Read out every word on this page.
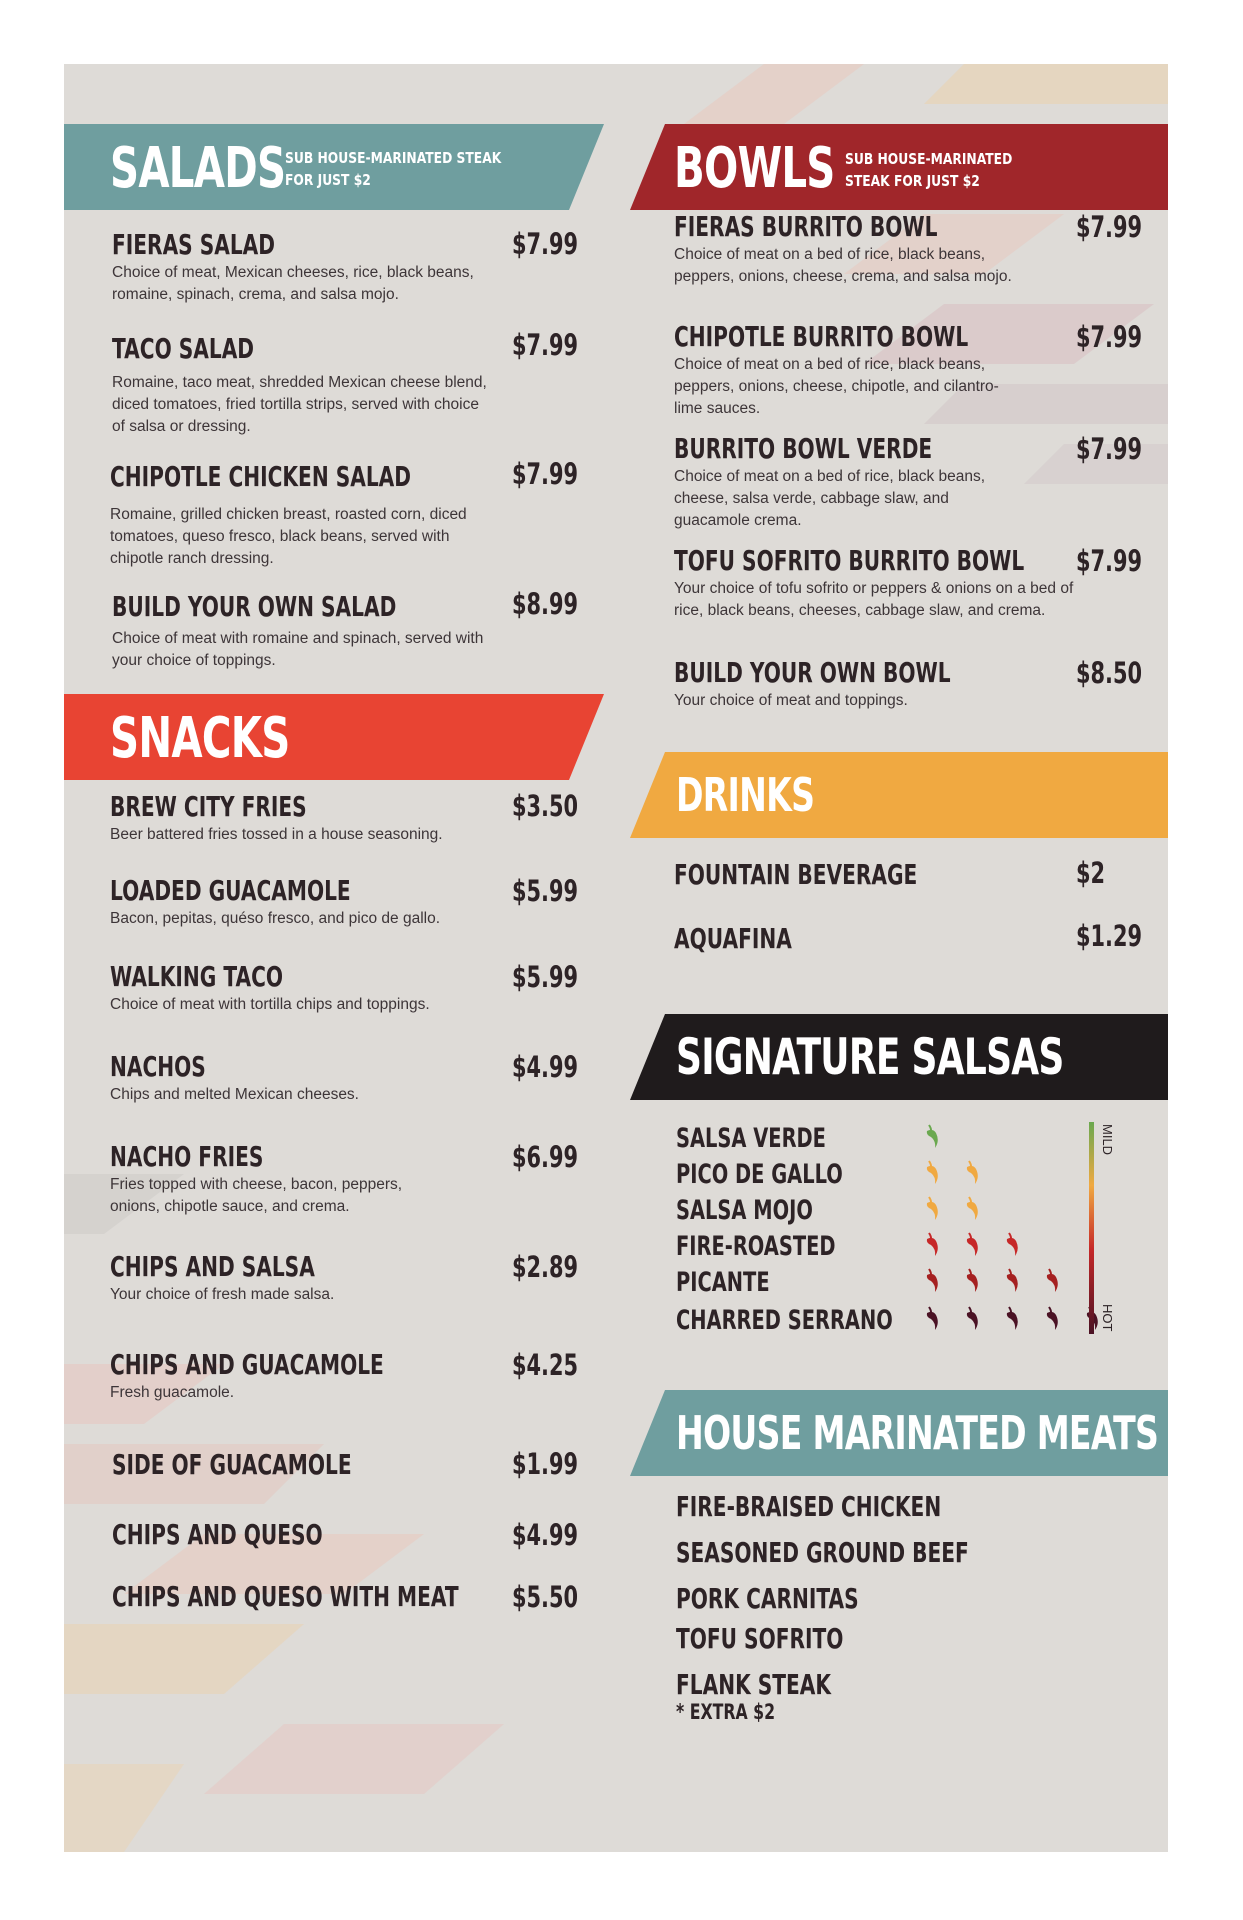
SALADS SUB HOUSE-MARINATED STEAK
FOR JUST $2
FIERAS SALAD
Choice of meat, Mexican cheeses, rice, black beans, romaine, spinach, crema, and salsa mojo.
$7.99
TACO SALAD
Romaine, taco meat, shredded Mexican cheese blend, diced tomatoes, fried tortilla strips, served with choice of salsa or dressing.
$7.99
CHIPOTLE CHICKEN SALAD
Romaine, grilled chicken breast, roasted corn, diced tomatoes, queso fresco, black beans, served with chipotle ranch dressing.
$7.99
BUILD YOUR OWN SALAD
Choice of meat with romaine and spinach, served with your choice of toppings.
$8.99
SNACKS
BREW CITY FRIES
Beer battered fries tossed in a house seasoning.
$3.50
LOADED GUACAMOLE
Bacon, pepitas, quéso fresco, and pico de gallo.
$5.99
WALKING TACO
Choice of meat with tortilla chips and toppings.
$5.99
NACHOS
Chips and melted Mexican cheeses.
$4.99
NACHO FRIES
Fries topped with cheese, bacon, peppers, onions, chipotle sauce, and crema.
$6.99
CHIPS AND SALSA
Your choice of fresh made salsa.
$2.89
CHIPS AND GUACAMOLE
Fresh guacamole.
$4.25
SIDE OF GUACAMOLE	$1.99
CHIPS AND QUESO	$4.99
CHIPS AND QUESO WITH MEAT $5.50
BOWLS SUB HOUSE-MARINATED
STEAK FOR JUST $2
FIERAS BURRITO BOWL
Choice of meat on a bed of rice, black beans, peppers, onions, cheese, crema, and salsa mojo.
$7.99
CHIPOTLE BURRITO BOWL
Choice of meat on a bed of rice, black beans, peppers, onions, cheese, chipotle, and cilantro-lime sauces.
$7.99
BURRITO BOWL VERDE
Choice of meat on a bed of rice, black beans, cheese, salsa verde, cabbage slaw, and guacamole crema.
$7.99
TOFU SOFRITO BURRITO BOWL
Your choice of tofu sofrito or peppers & onions on a bed of rice, black beans, cheeses, cabbage slaw, and crema.
$7.99
BUILD YOUR OWN BOWL
Your choice of meat and toppings.
$8.50
DRINKS
FOUNTAIN BEVERAGE	$2
AQUAFINA	$1.29
SIGNATURE SALSAS
SALSA VERDE
PICO DE GALLO
SALSA MOJO
FIRE-ROASTED
PICANTE
CHARRED SERRANO
MILD
HOT
HOUSE MARINATED MEATS
FIRE-BRAISED CHICKEN
SEASONED GROUND BEEF
PORK CARNITAS
TOFU SOFRITO
FLANK STEAK
* EXTRA $2
